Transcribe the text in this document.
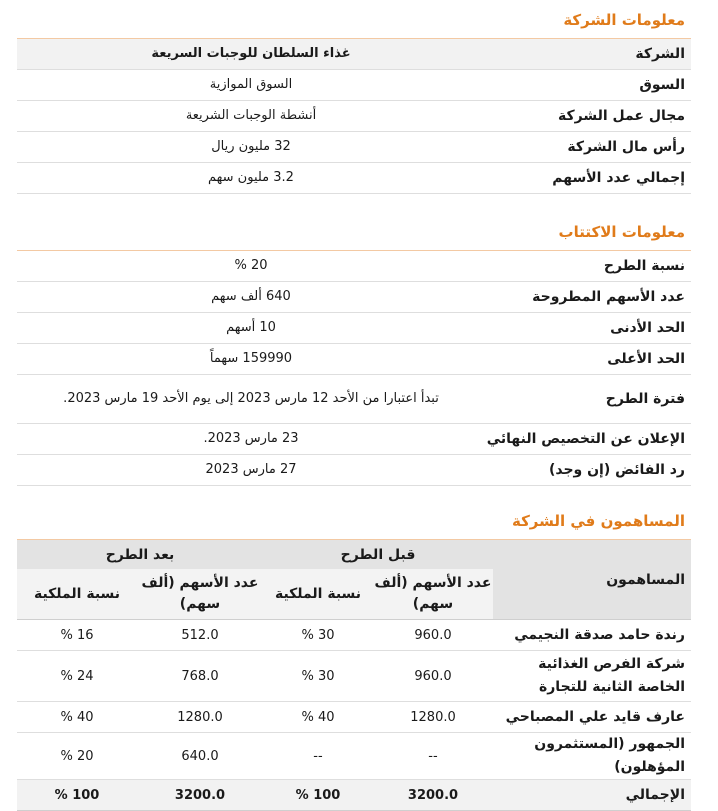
معلومات الشركة
الشركة	غذاء السلطان للوجبات السريعة
السوق	السوق الموازية
مجال عمل الشركة	أنشطة الوجبات الشريعة
رأس مال الشركة	32 مليون ريال
إجمالي عدد الأسهم	3.2 مليون سهم
معلومات الاكتتاب
نسبة الطرح	20 %
عدد الأسهم المطروحة	640 ألف سهم
الحد الأدنى	10 أسهم
الحد الأعلى	159990 سهماً
فترة الطرح	تبدأ اعتبارا من الأحد 12 مارس 2023 إلى يوم الأحد 19 مارس 2023.
الإعلان عن التخصيص النهائي	23 مارس 2023.
رد الفائض (إن وجد)	27 مارس 2023
المساهمون في الشركة
المساهمون	قبل الطرح		بعد الطرح	
	عدد الأسهم (ألف سهم)	نسبة الملكية	عدد الأسهم (ألف سهم)	نسبة الملكية
رندة حامد صدقة النجيمي	960.0	30 %	512.0	16 %
شركة الفرص الغذائية الخاصة الثانية للتجارة	960.0	30 %	768.0	24 %
عارف قايد علي المصباحي	1280.0	40 %	1280.0	40 %
الجمهور (المستثمرون المؤهلون)	--	--	640.0	20 %
الإجمالي	3200.0	100 %	3200.0	100 %
